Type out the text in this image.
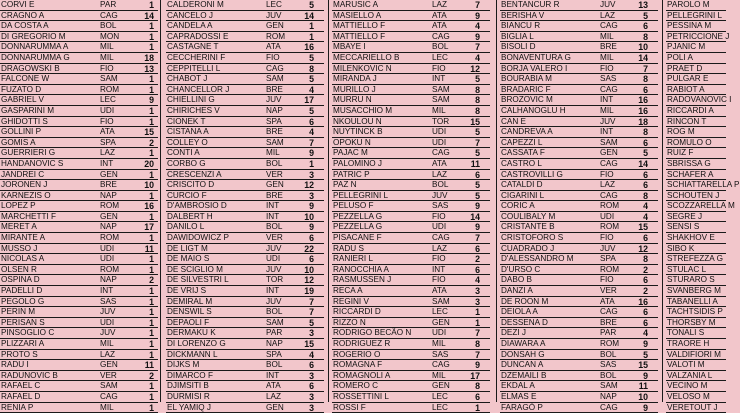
CORVI E	PAR	1
CRAGNO A	CAG	14
DA COSTA A	BOL	1
DI GREGORIO M	MON	1
DONNARUMMA A	MIL	1
DONNARUMMA G	MIL	18
DRAGOWSKI B	FIO	13
FALCONE W	SAM	1
FUZATO D	ROM	1
GABRIEL V	LEC	9
GASPARINI M	UDI	1
GHIDOTTI S	FIO	1
GOLLINI P	ATA	15
GOMIS A	SPA	2
GUERRIERI G	LAZ	1
HANDANOVIC S	INT	20
JANDREI C	GEN	1
JORONEN J	BRE	10
KARNEZIS O	NAP	1
LOPEZ P	ROM	16
MARCHETTI F	GEN	1
MERET A	NAP	17
MIRANTE A	ROM	1
MUSSO J	UDI	11
NICOLAS A	UDI	1
OLSEN R	ROM	1
OSPINA D	NAP	2
PADELLI D	INT	1
PEGOLO G	SAS	1
PERIN M	JUV	1
PERISAN S	UDI	1
PINSOGLIO C	JUV	1
PLIZZARI A	MIL	1
PROTO S	LAZ	1
RADU I	GEN	11
RADUNOVIC B	VER	2
RAFAEL C	SAM	1
RAFAEL D	CAG	1
RENIA P	MIL	1
CALDERONI M	LEC	5
CANCELO J	JUV	14
CANDELA A	GEN	1
CAPRADOSSI E	ROM	1
CASTAGNE T	ATA	16
CECCHERINI F	FIO	5
CEPPITELLI L	CAG	8
CHABOT J	SAM	5
CHANCELLOR J	BRE	4
CHIELLINI G	JUV	17
CHIRICHES V	NAP	5
CIONEK T	SPA	6
CISTANA A	BRE	4
COLLEY O	SAM	7
CONTI A	MIL	9
CORBO G	BOL	1
CRESCENZI A	VER	3
CRISCITO D	GEN 12
CURCIO F	BRE	3
D'AMBROSIO D	INT	9
DALBERT H	INT	10
DANILO L	BOL	9
DAWIDOWICZ P	VER	6
DE LIGT M	JUV	22
DE MAIO S	UDI	6
DE SCIGLIO M	JUV	10
DE SILVESTRI L	TOR 12
DE VRIJ S	INT	19
DEMIRAL M	JUV	7
DENSWIL S	BOL	7
DEPAOLI F	SAM	5
DERMAKU K	PAR	3
DI LORENZO G	NAP 15
DICKMANN L	SPA	4
DIJKS M	BOL	6
DIMARCO F	INT	3
DJIMSITI B	ATA	6
DURMISI R	LAZ	3
EL YAMIQ J	GEN	3
MARUSIC A	LAZ	7
MASIELLO A	ATA	9
MATTIELLO F	ATA	4
MATTIELLO F	CAG	9
MBAYE I	BOL	7
MECCARIELLO B	LEC	4
MILENKOVIC N	FIO	12
MIRANDA J	INT	5
MURILLO J	SAM	8
MURRU N	SAM	8
MUSACCHIO M	MIL	8
NKOULOU N	TOR 15
NUYTINCK B	UDI	5
OPOKU N	UDI	7
PAJAC M	CAG	5
PALOMINO J	ATA	11
PATRIC P	LAZ	6
PAZ N	BOL	5
PELLEGRINI L	JUV	5
PELUSO F	SAS	9
PEZZELLA G	FIO	14
PEZZELLA G	UDI	9
PISACANE F	CAG	7
RADU S	LAZ	6
RANIERI L	FIO	2
RANOCCHIA A	INT	6
RASMUSSEN J	FIO	4
RECA A	ATA	3
REGINI V	SAM	3
RICCARDI D	LEC	1
RIZZO N	GEN	1
RODRIGO BECÃO N	UDI	7
RODRIGUEZ R	MIL	8
ROGERIO O	SAS	7
ROMAGNA F	CAG	9
ROMAGNOLI A	MIL	17
ROMERO C	GEN	8
ROSSETTINI L	LEC	6
ROSSI F	LEC	1
BENTANCUR R	JUV	13
BERISHA V	LAZ	5
BIANCU R	CAG	6
BIGLIA L	MIL	8
BISOLI D	BRE 10
BONAVENTURA G	MIL	14
BORJA VALERO I	FIO	7
BOURABIA M	SAS	8
BRADARIC F	CAG	6
BROZOVIC M	INT	16
CALHANOGLU H	MIL	16
CAN E	JUV	18
CANDREVA A	INT	8
CAPEZZI L	SAM	6
CASSATA F	GEN	5
CASTRO L	CAG 14
CASTROVILLI G	FIO	6
CATALDI D	LAZ	6
CIGARINI L	CAG	8
CORIC A	ROM	4
COULIBALY M	UDI	4
CRISTANTE B	ROM 15
CRISTOFORO S	FIO	6
CUADRADO J	JUV	12
D'ALESSANDRO M	SPA	8
D'URSO C	ROM	2
DABO B	FIO	6
DANZI A	VER	2
DE ROON M	ATA	16
DEIOLA A	CAG	6
DESSENA D	BRE	6
DEZI J	PAR	4
DIAWARA A	ROM	9
DONSAH G	BOL	5
DUNCAN A	SAS 15
DZEMAILI B	BOL	9
EKDAL A	SAM 11
ELMAS E	NAP 10
FARAGÒ P	CAG	9
PAROLO M
PELLEGRINI L
PESSINA M
PETRICCIONE J
PJANIC M
POLI A
PRAET D
PULGAR E
RABIOT A
RADOVANOVIC I
RICCARDI A
RINCON T
ROG M
ROMULO O
RUIZ F
SBRISSA G
SCHAFER A
SCHIATTARELLA P
SCHOUTEN J
SCOZZARELLA M
SEGRE J
SENSI S
SHAKHOV E
SIBO K
STREFEZZA G
STULAC L
STURARO S
SVANBERG M
TABANELLI A
TACHTSIDIS P
THORSBY M
TONALI S
TRAORE H
VALDIFIORI M
VALOTI M
VALZANIA L
VECINO M
VELOSO M
VERETOUT J
